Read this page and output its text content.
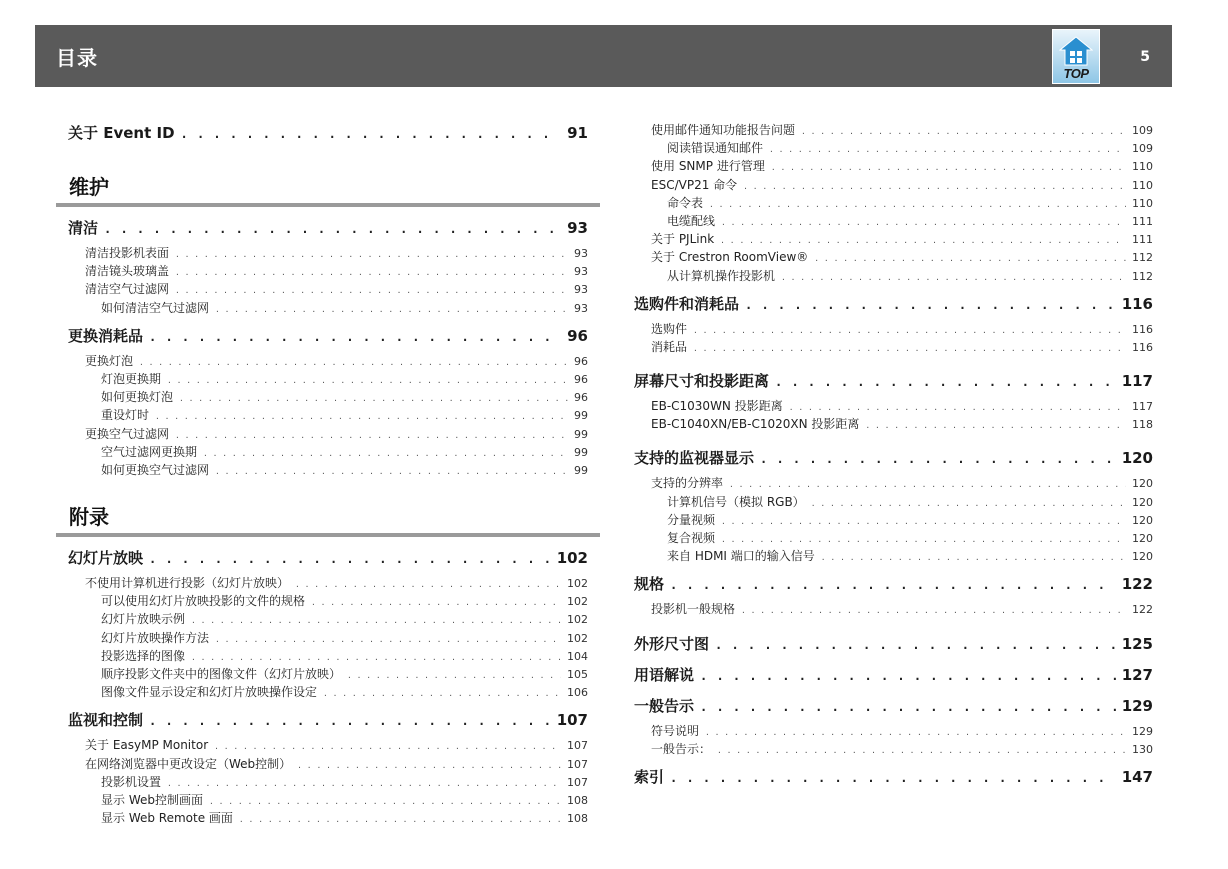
目录
TOP
5
关于 Event ID . . .	91
维护
清洁 . . .	93
清洁投影机表面 . . .	93
清洁镜头玻璃盖 . . .	93
清洁空气过滤网 . . .	93
如何清洁空气过滤网 . . .	93
更换消耗品 . . .	96
更换灯泡 . . .	96
灯泡更换期 . . .	96
如何更换灯泡 . . .	96
重设灯时 . . .	99
更换空气过滤网 . . .	99
空气过滤网更换期 . . .	99
如何更换空气过滤网 . . .	99
附录
幻灯片放映 . . .	102
不使用计算机进行投影（幻灯片放映） . . .	102
可以使用幻灯片放映投影的文件的规格 . . .	102
幻灯片放映示例 . . .	102
幻灯片放映操作方法 . . .	102
投影选择的图像 . . .	104
顺序投影文件夹中的图像文件（幻灯片放映） . . .	105
图像文件显示设定和幻灯片放映操作设定 . . .	106
监视和控制 . . .	107
关于 EasyMP Monitor . . .	107
在网络浏览器中更改设定（Web控制） . . .	107
投影机设置 . . .	107
显示 Web控制画面 . . .	108
显示 Web Remote 画面 . . .	108
使用邮件通知功能报告问题 . . .	109
阅读错误通知邮件 . . .	109
使用 SNMP 进行管理 . . .	110
ESC/VP21 命令 . . .	110
命令表 . . .	110
电缆配线 . . .	111
关于 PJLink . . .	111
关于 Crestron RoomView® . . .	112
从计算机操作投影机 . . .	112
选购件和消耗品 . . .	116
选购件 . . .	116
消耗品 . . .	116
屏幕尺寸和投影距离 . . .	117
EB-C1030WN 投影距离 . . .	117
EB-C1040XN/EB-C1020XN 投影距离 . . .	118
支持的监视器显示 . . .	120
支持的分辨率 . . .	120
计算机信号（模拟 RGB） . . .	120
分量视频 . . .	120
复合视频 . . .	120
来自 HDMI 端口的输入信号 . . .	120
规格 . . .	122
投影机一般规格 . . .	122
外形尺寸图 . . .	125
用语解说 . . .	127
一般告示 . . .	129
符号说明 . . .	129
一般告示： . . .	130
索引 . . .	147
